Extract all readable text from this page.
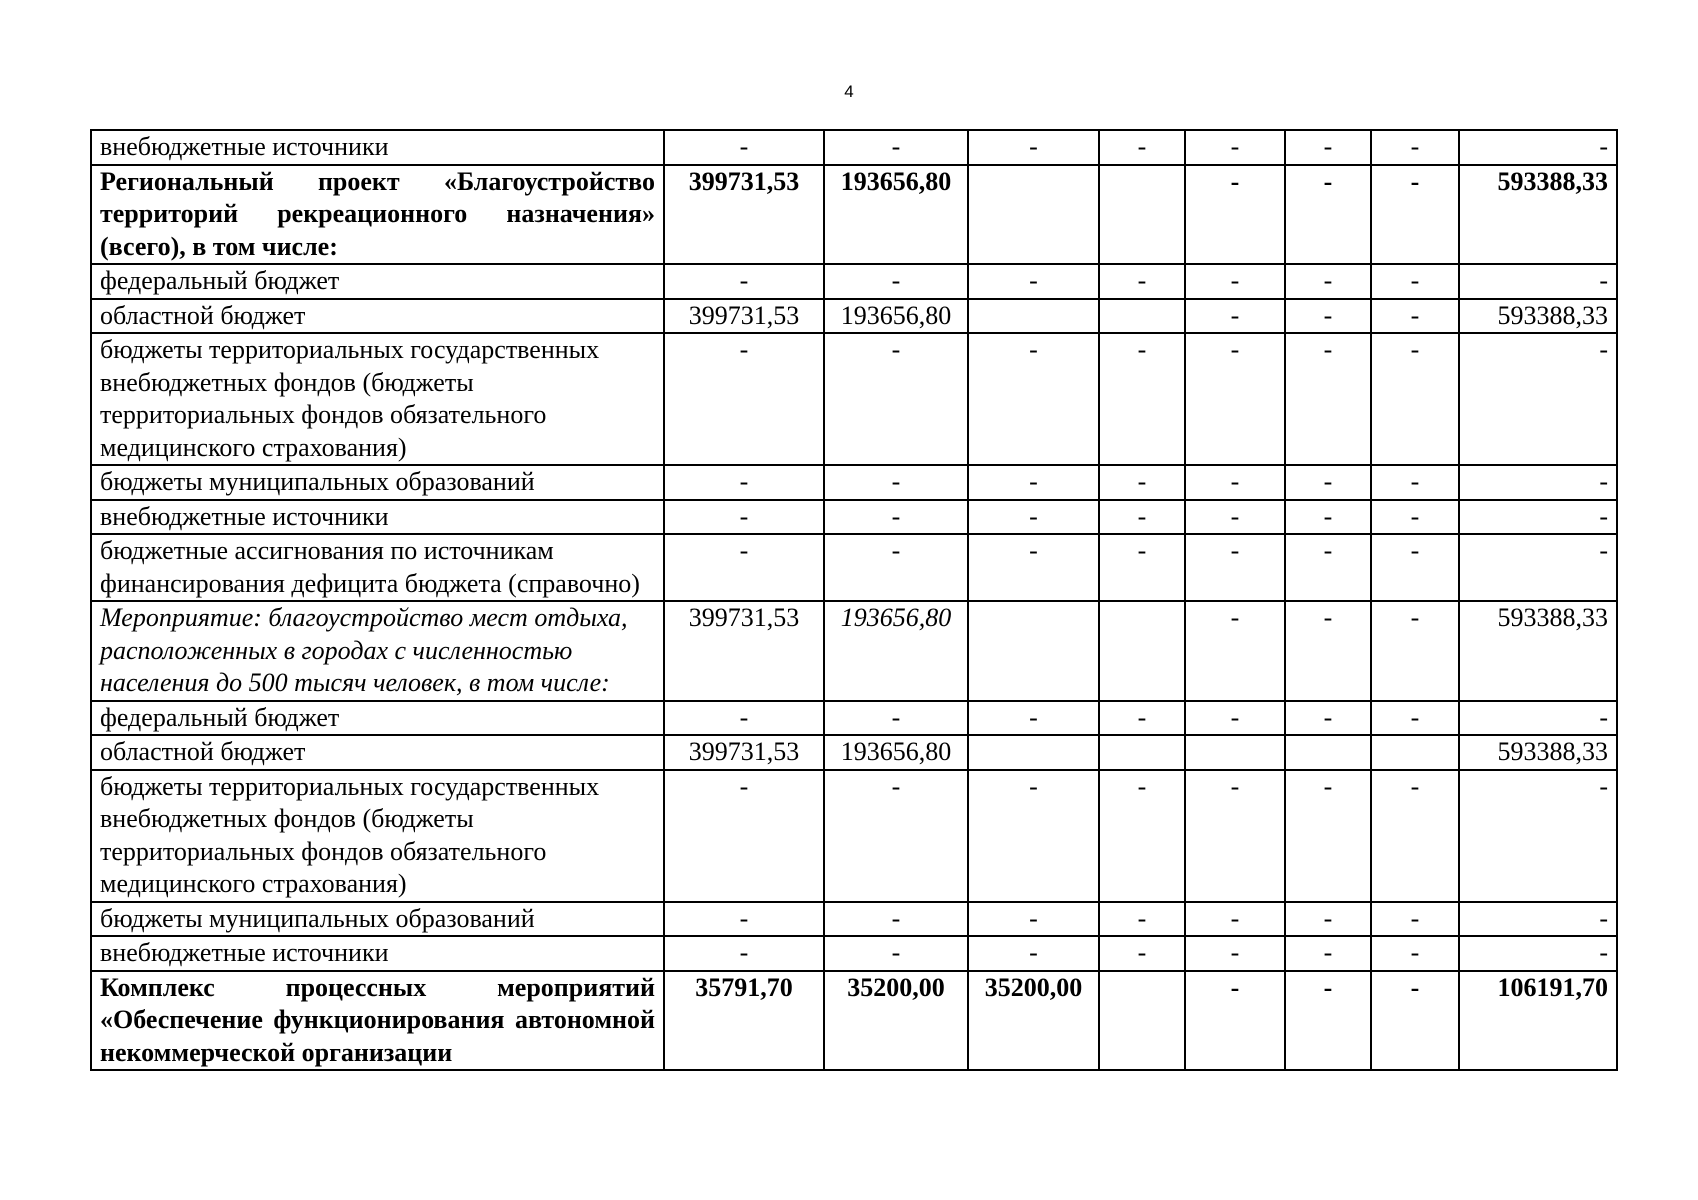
4
внебюджетные источники	-	-	-	-	-	-	-	-
Региональный проект «Благоустройство территорий рекреационного назначения» (всего), в том числе:	399731,53	193656,80			-	-	-	593388,33
федеральный бюджет	-	-	-	-	-	-	-	-
областной бюджет	399731,53	193656,80			-	-	-	593388,33
бюджеты территориальных государственных внебюджетных фондов (бюджеты территориальных фондов обязательного медицинского страхования)	-	-	-	-	-	-	-	-
бюджеты муниципальных образований	-	-	-	-	-	-	-	-
внебюджетные источники	-	-	-	-	-	-	-	-
бюджетные ассигнования по источникам финансирования дефицита бюджета (справочно)	-	-	-	-	-	-	-	-
Мероприятие: благоустройство мест отдыха, расположенных в городах с численностью населения до 500 тысяч человек, в том числе:	399731,53	193656,80			-	-	-	593388,33
федеральный бюджет	-	-	-	-	-	-	-	-
областной бюджет	399731,53	193656,80						593388,33
бюджеты территориальных государственных внебюджетных фондов (бюджеты территориальных фондов обязательного медицинского страхования)	-	-	-	-	-	-	-	-
бюджеты муниципальных образований	-	-	-	-	-	-	-	-
внебюджетные источники	-	-	-	-	-	-	-	-
Комплекс процессных мероприятий «Обеспечение функционирования автономной некоммерческой организации	35791,70	35200,00	35200,00		-	-	-	106191,70
